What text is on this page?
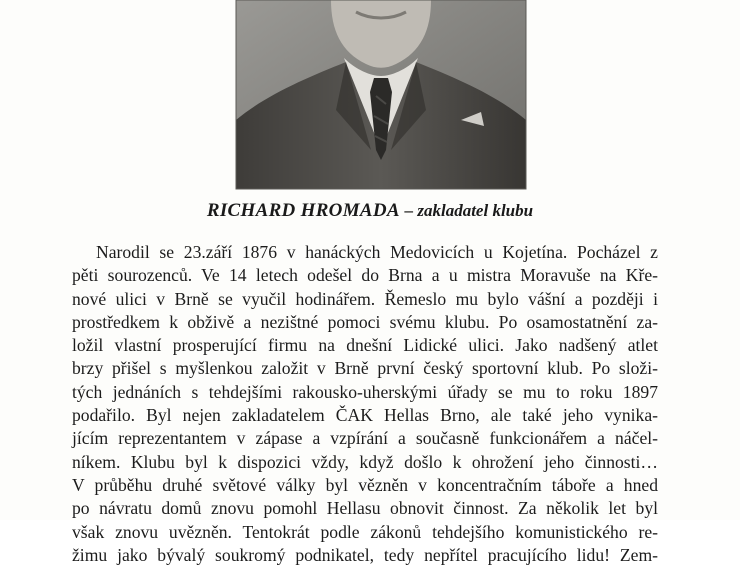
RICHARD HROMADA – zakladatel klubu
Narodil se 23.září 1876 v hanáckých Medovicích u Kojetína. Pocházel z
pěti sourozenců. Ve 14 letech odešel do Brna a u mistra Moravuše na Kře-
nové ulici v Brně se vyučil hodinářem. Řemeslo mu bylo vášní a později i
prostředkem k obživě a nezištné pomoci svému klubu. Po osamostatnění za-
ložil vlastní prosperující firmu na dnešní Lidické ulici. Jako nadšený atlet
brzy přišel s myšlenkou založit v Brně první český sportovní klub. Po složi-
tých jednáních s tehdejšími rakousko-uherskými úřady se mu to roku 1897
podařilo. Byl nejen zakladatelem ČAK Hellas Brno, ale také jeho vynika-
jícím reprezentantem v zápase a vzpírání a současně funkcionářem a náčel-
níkem. Klubu byl k dispozici vždy, když došlo k ohrožení jeho činnosti…
V průběhu druhé světové války byl vězněn v koncentračním táboře a hned
po návratu domů znovu pomohl Hellasu obnovit činnost. Za několik let byl
však znovu uvězněn. Tentokrát podle zákonů tehdejšího komunistického re-
žimu jako bývalý soukromý podnikatel, tedy nepřítel pracujícího lidu! Zem-
